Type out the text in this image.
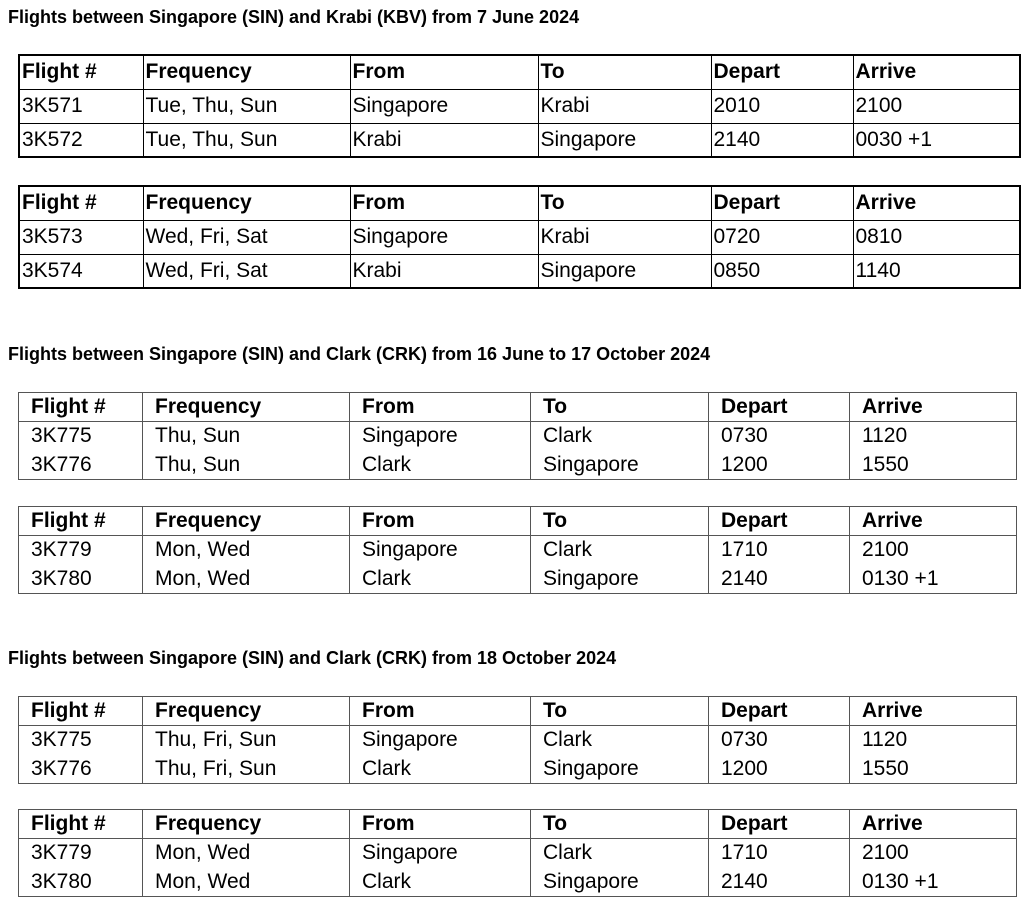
Flights between Singapore (SIN) and Krabi (KBV) from 7 June 2024
Flight #	Frequency	From	To	Depart	Arrive
3K571	Tue, Thu, Sun	Singapore	Krabi	2010	2100
3K572	Tue, Thu, Sun	Krabi	Singapore	2140	0030 +1
Flight #	Frequency	From	To	Depart	Arrive
3K573	Wed, Fri, Sat	Singapore	Krabi	0720	0810
3K574	Wed, Fri, Sat	Krabi	Singapore	0850	1140
Flights between Singapore (SIN) and Clark (CRK) from 16 June to 17 October 2024
Flight #	Frequency	From	To	Depart	Arrive
3K775	Thu, Sun	Singapore	Clark	0730	1120
3K776	Thu, Sun	Clark	Singapore	1200	1550
Flight #	Frequency	From	To	Depart	Arrive
3K779	Mon, Wed	Singapore	Clark	1710	2100
3K780	Mon, Wed	Clark	Singapore	2140	0130 +1
Flights between Singapore (SIN) and Clark (CRK) from 18 October 2024
Flight #	Frequency	From	To	Depart	Arrive
3K775	Thu, Fri, Sun	Singapore	Clark	0730	1120
3K776	Thu, Fri, Sun	Clark	Singapore	1200	1550
Flight #	Frequency	From	To	Depart	Arrive
3K779	Mon, Wed	Singapore	Clark	1710	2100
3K780	Mon, Wed	Clark	Singapore	2140	0130 +1
